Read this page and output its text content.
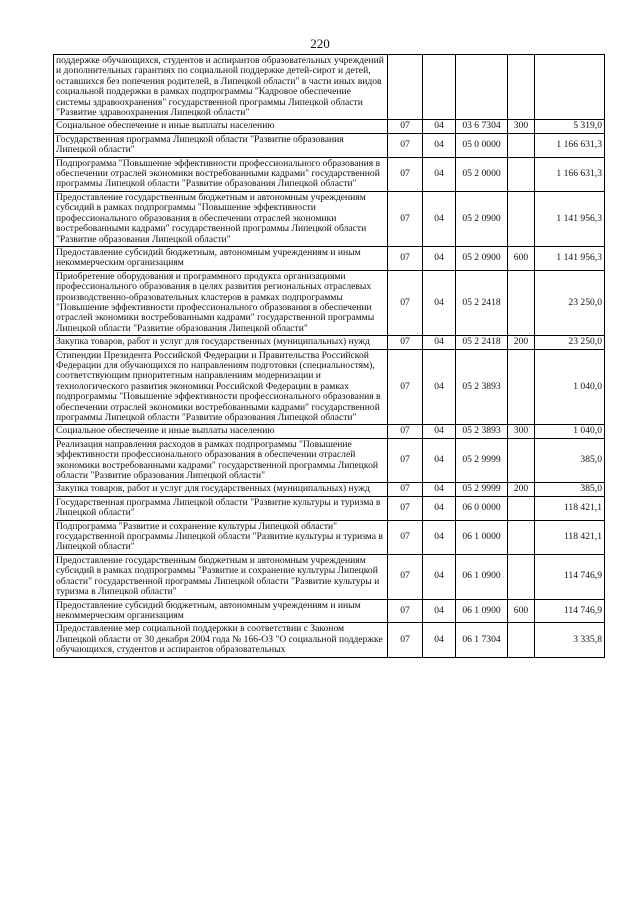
220
поддержке обучающихся, студентов и аспирантов образовательных учреждений и дополнительных гарантиях по социальной поддержке детей-сирот и детей, оставшихся без попечения родителей, в Липецкой области" в части иных видов социальной поддержки в рамках подпрограммы "Кадровое обеспечение системы здравоохранения" государственной программы Липецкой области "Развитие здравоохранения Липецкой области"					
Социальное обеспечение и иные выплаты населению	07	04	03 6 7304	300	5 319,0
Государственная программа Липецкой области "Развитие образования Липецкой области"	07	04	05 0 0000		1 166 631,3
Подпрограмма "Повышение эффективности профессионального образования в обеспечении отраслей экономики востребованными кадрами" государственной программы Липецкой области "Развитие образования Липецкой области"	07	04	05 2 0000		1 166 631,3
Предоставление государственным бюджетным и автономным учреждениям субсидий в рамках подпрограммы "Повышение эффективности профессионального образования в обеспечении отраслей экономики востребованными кадрами" государственной программы Липецкой области "Развитие образования Липецкой области"	07	04	05 2 0900		1 141 956,3
Предоставление субсидий бюджетным, автономным учреждениям и иным некоммерческим организациям	07	04	05 2 0900	600	1 141 956,3
Приобретение оборудования и программного продукта организациями профессионального образования в целях развития региональных отраслевых производственно-образовательных кластеров в рамках подпрограммы "Повышение эффективности профессионального образования в обеспечении отраслей экономики востребованными кадрами" государственной программы Липецкой области "Развитие образования Липецкой области"	07	04	05 2 2418		23 250,0
Закупка товаров, работ и услуг для государственных (муниципальных) нужд	07	04	05 2 2418	200	23 250,0
Стипендии Президента Российской Федерации и Правительства Российской Федерации для обучающихся по направлениям подготовки (специальностям), соответствующим приоритетным направлениям модернизации и технологического развития экономики Российской Федерации в рамках подпрограммы "Повышение эффективности профессионального образования в обеспечении отраслей экономики востребованными кадрами" государственной программы Липецкой области "Развитие образования Липецкой области"	07	04	05 2 3893		1 040,0
Социальное обеспечение и иные выплаты населению	07	04	05 2 3893	300	1 040,0
Реализация направления расходов в рамках подпрограммы "Повышение эффективности профессионального образования в обеспечении отраслей экономики востребованными кадрами" государственной программы Липецкой области "Развитие образования Липецкой области"	07	04	05 2 9999		385,0
Закупка товаров, работ и услуг для государственных (муниципальных) нужд	07	04	05 2 9999	200	385,0
Государственная программа Липецкой области "Развитие культуры и туризма в Липецкой области"	07	04	06 0 0000		118 421,1
Подпрограмма "Развитие и сохранение культуры Липецкой области" государственной программы Липецкой области "Развитие культуры и туризма в Липецкой области"	07	04	06 1 0000		118 421,1
Предоставление государственным бюджетным и автономным учреждениям субсидий в рамках подпрограммы "Развитие и сохранение культуры Липецкой области" государственной программы Липецкой области "Развитие культуры и туризма в Липецкой области"	07	04	06 1 0900		114 746,9
Предоставление субсидий бюджетным, автономным учреждениям и иным некоммерческим организациям	07	04	06 1 0900	600	114 746,9
Предоставление мер социальной поддержки в соответствии с Законом Липецкой области от 30 декабря 2004 года № 166-ОЗ "О социальной поддержке обучающихся, студентов и аспирантов образовательных	07	04	06 1 7304		3 335,8
